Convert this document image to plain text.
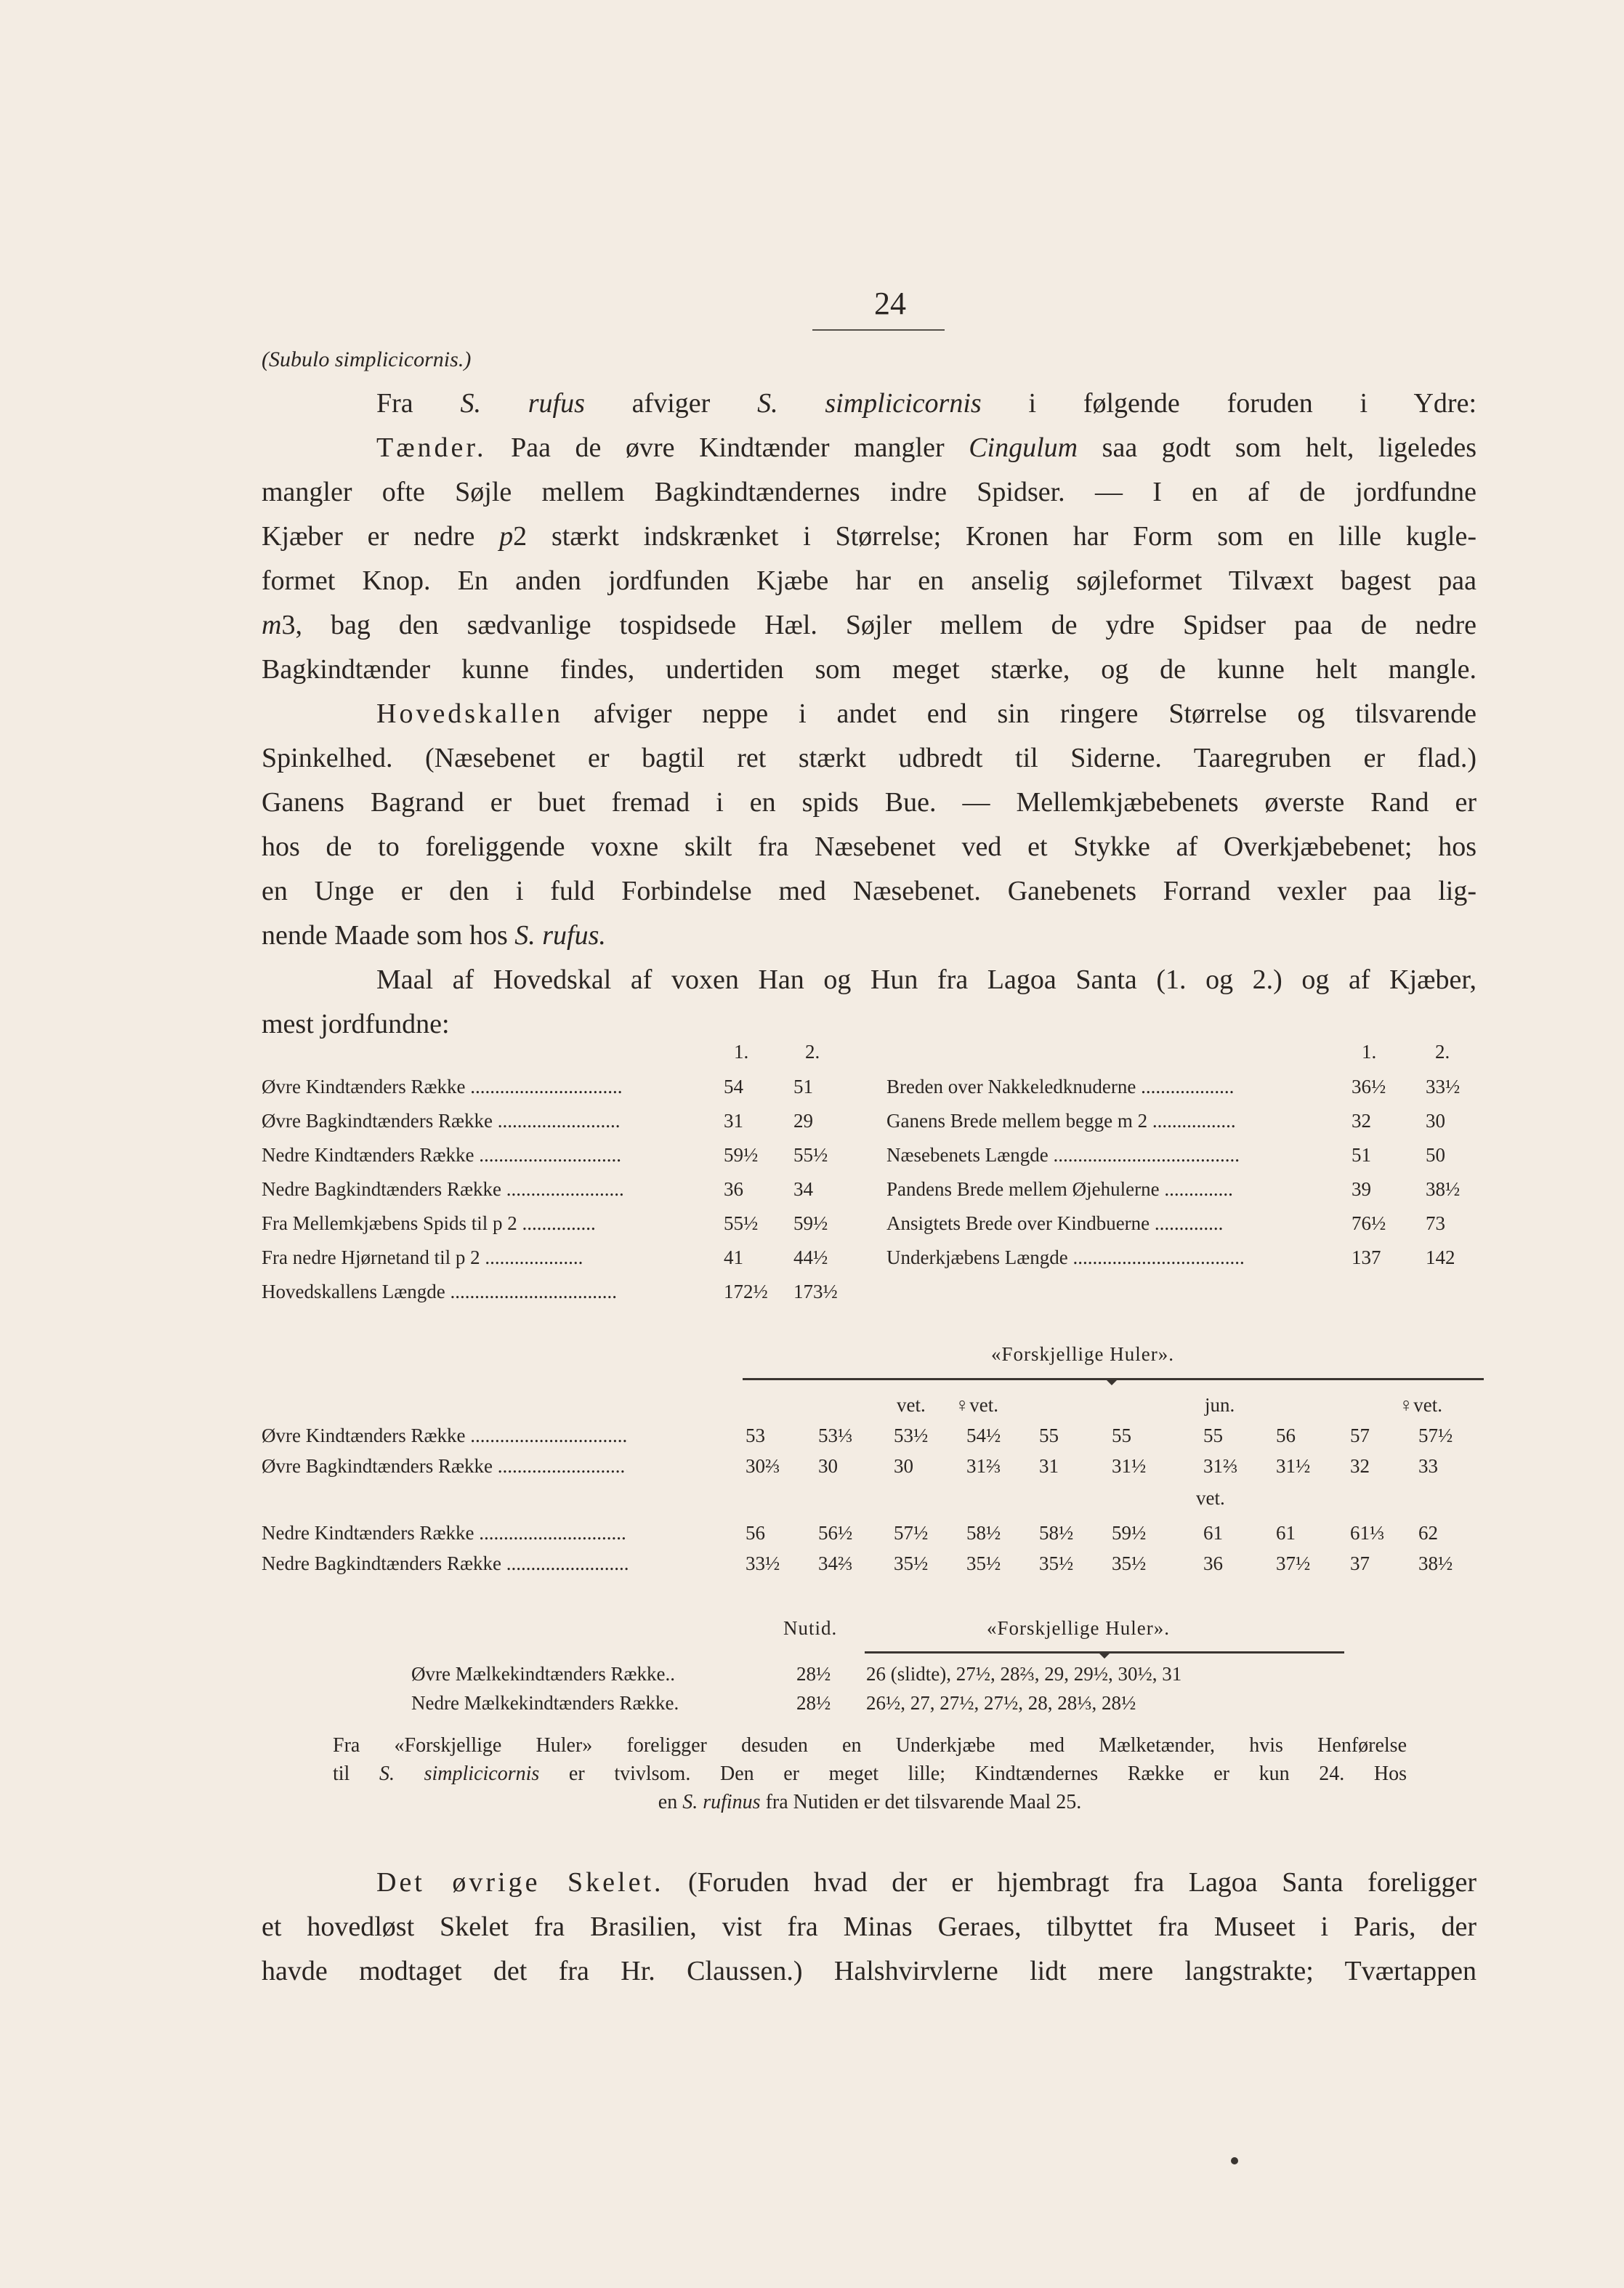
24
(Subulo simplicicornis.)
Fra S. rufus afviger S. simplicicornis i følgende foruden i Ydre:
Tænder. Paa de øvre Kindtænder mangler Cingulum saa godt som helt, ligeledes
mangler ofte Søjle mellem Bagkindtændernes indre Spidser. — I en af de jordfundne
Kjæber er nedre p2 stærkt indskrænket i Størrelse; Kronen har Form som en lille kugle-
formet Knop. En anden jordfunden Kjæbe har en anselig søjleformet Tilvæxt bagest paa
m3, bag den sædvanlige tospidsede Hæl. Søjler mellem de ydre Spidser paa de nedre
Bagkindtænder kunne findes, undertiden som meget stærke, og de kunne helt mangle.
Hovedskallen afviger neppe i andet end sin ringere Størrelse og tilsvarende
Spinkelhed. (Næsebenet er bagtil ret stærkt udbredt til Siderne. Taaregruben er flad.)
Ganens Bagrand er buet fremad i en spids Bue. — Mellemkjæbebenets øverste Rand er
hos de to foreliggende voxne skilt fra Næsebenet ved et Stykke af Overkjæbebenet; hos
en Unge er den i fuld Forbindelse med Næsebenet. Ganebenets Forrand vexler paa lig-
nende Maade som hos S. rufus.
Maal af Hovedskal af voxen Han og Hun fra Lagoa Santa (1. og 2.) og af Kjæber,
mest jordfundne:
1.	2.
Øvre Kindtænders Række ...............................	54	51
Øvre Bagkindtænders Række .........................	31	29
Nedre Kindtænders Række .............................	59½ 55½
Nedre Bagkindtænders Række ........................	36	34
Fra Mellemkjæbens Spids til p 2 ...............	55½ 59½
Fra nedre Hjørnetand til p 2 ....................	41	44½
Hovedskallens Længde ..................................	172½ 173½
1.	2.
Breden over Nakkeledknuderne ...................	36½ 33½
Ganens Brede mellem begge m 2 .................	32	30
Næsebenets Længde ......................................	51	50
Pandens Brede mellem Øjehulerne ..............	39	38½
Ansigtets Brede over Kindbuerne ..............	76½ 73
Underkjæbens Længde ...................................	137 142
«Forskjellige Huler».
vet. ♀vet.	jun.	♀vet.
Øvre Kindtænders Række ................................	53	53⅓ 53½ 54½ 55	55	55	56	57 57½
Øvre Bagkindtænders Række ..........................	30⅔ 30	30	31⅔ 31	31½	31⅔ 31½ 32 33
Nedre Kindtænders Række ..............................	56	56½ 57½ 58½ 58½ 59½	61	61	61⅓ 62
Nedre Bagkindtænders Række .........................	33½ 34⅔ 35½ 35½ 35½ 35½	36	37½ 37 38½
vet.
Nutid.	«Forskjellige Huler».
Øvre Mælkekindtænders Række..	28½ 26 (slidte), 27½, 28⅔, 29, 29½, 30½, 31
Nedre Mælkekindtænders Række.	28½ 26½, 27, 27½, 27½, 28, 28⅓, 28½
Fra «Forskjellige Huler» foreligger desuden en Underkjæbe med Mælketænder, hvis Henførelse
til S. simplicicornis er tvivlsom. Den er meget lille; Kindtændernes Række er kun 24. Hos
en S. rufinus fra Nutiden er det tilsvarende Maal 25.
Det øvrige Skelet. (Foruden hvad der er hjembragt fra Lagoa Santa foreligger
et hovedløst Skelet fra Brasilien, vist fra Minas Geraes, tilbyttet fra Museet i Paris, der
havde modtaget det fra Hr. Claussen.) Halshvirvlerne lidt mere langstrakte; Tværtappen
